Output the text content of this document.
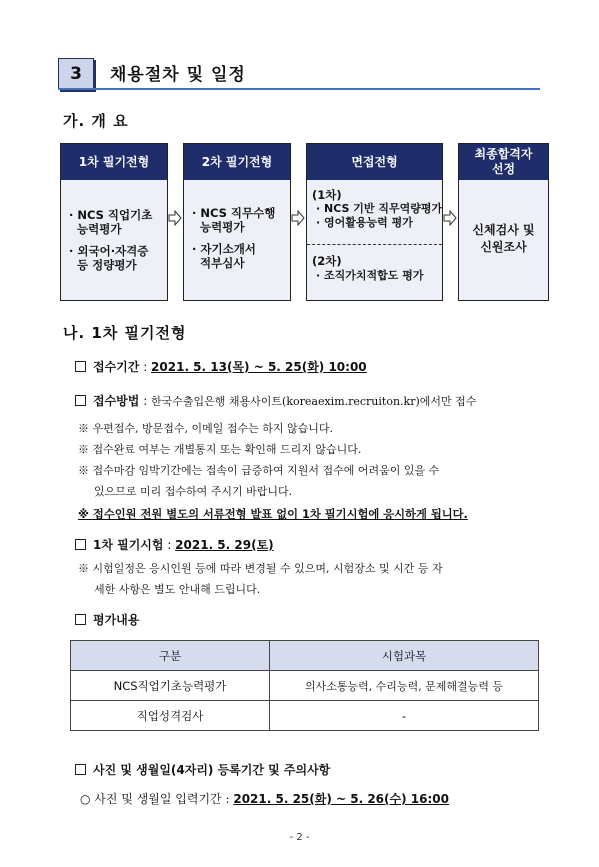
3	채용절차 및 일정
가. 개 요
1차 필기전형
· NCS 직업기초
능력평가
· 외국어·자격증
등 정량평가
2차 필기전형
· NCS 직무수행
능력평가
· 자기소개서
적부심사
면접전형
(1차)
· NCS 기반 직무역량평가
· 영어활용능력 평가
(2차)
· 조직가치적합도 평가
최종합격자
선정
신체검사 및
신원조사
나. 1차 필기전형
접수기간 : 2021. 5. 13(목) ~ 5. 25(화) 10:00
접수방법 : 한국수출입은행 채용사이트(koreaexim.recruiton.kr)에서만 접수
※ 우편접수, 방문접수, 이메일 접수는 하지 않습니다.
※ 접수완료 여부는 개별통지 또는 확인해 드리지 않습니다.
※ 접수마감 임박기간에는 접속이 급증하여 지원서 접수에 어려움이 있을 수
있으므로 미리 접수하여 주시기 바랍니다.
※ 접수인원 전원 별도의 서류전형 발표 없이 1차 필기시험에 응시하게 됩니다.
1차 필기시험 : 2021. 5. 29(토)
※ 시험일정은 응시인원 등에 따라 변경될 수 있으며, 시험장소 및 시간 등 자
세한 사항은 별도 안내해 드립니다.
평가내용
구분	시험과목
NCS직업기초능력평가	의사소통능력, 수리능력, 문제해결능력 등
직업성격검사	-
사진 및 생월일(4자리) 등록기간 및 주의사항
○ 사진 및 생월일 입력기간 : 2021. 5. 25(화) ~ 5. 26(수) 16:00
- 2 -
